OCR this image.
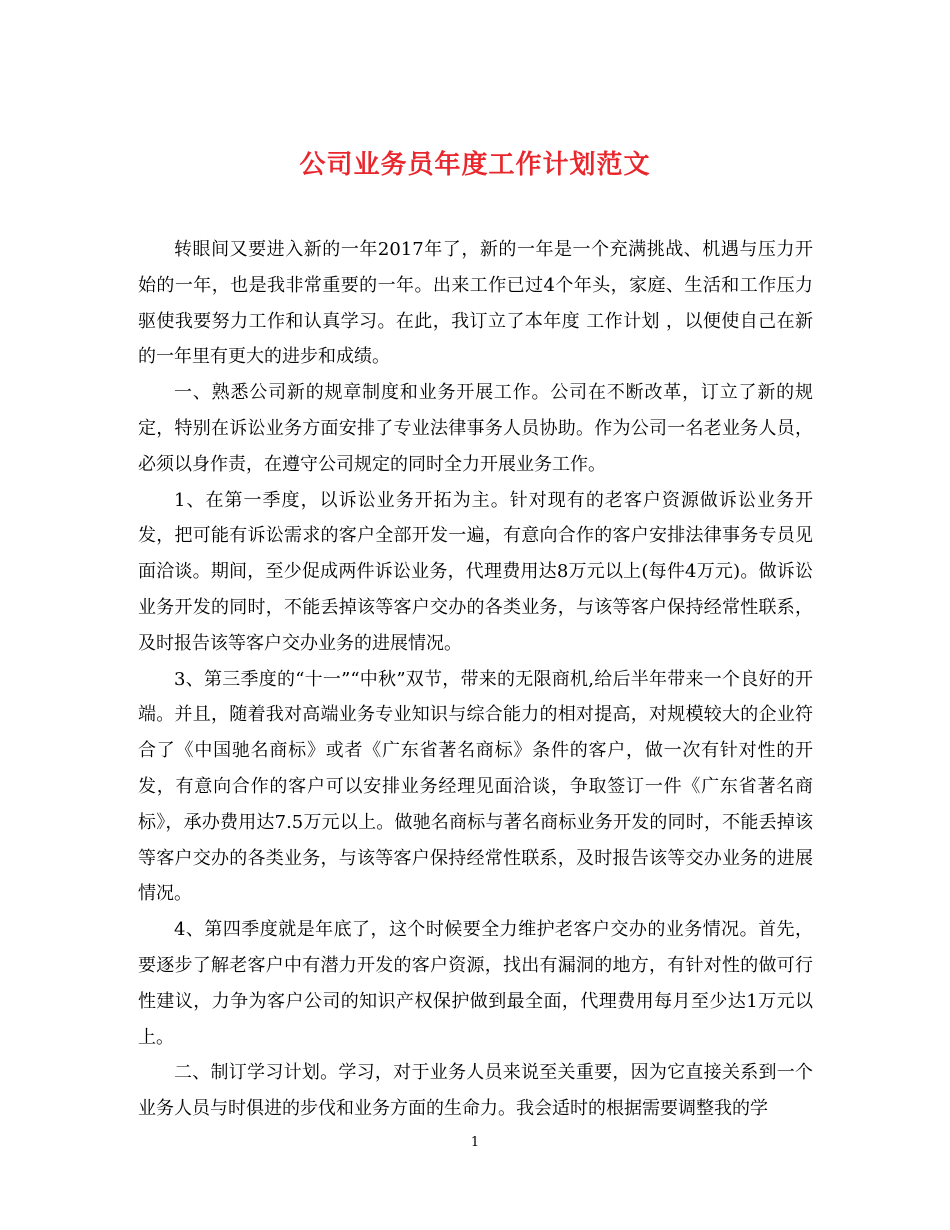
公司业务员年度工作计划范文

转眼间又要进入新的一年2017年了，新的一年是一个充满挑战、机遇与压力开始的一年，也是我非常重要的一年。出来工作已过4个年头，家庭、生活和工作压力驱使我要努力工作和认真学习。在此，我订立了本年度 工作计划 ，以便使自己在新的一年里有更大的进步和成绩。

一、熟悉公司新的规章制度和业务开展工作。公司在不断改革，订立了新的规定，特别在诉讼业务方面安排了专业法律事务人员协助。作为公司一名老业务人员，必须以身作责，在遵守公司规定的同时全力开展业务工作。

1、在第一季度，以诉讼业务开拓为主。针对现有的老客户资源做诉讼业务开发，把可能有诉讼需求的客户全部开发一遍，有意向合作的客户安排法律事务专员见面洽谈。期间，至少促成两件诉讼业务，代理费用达8万元以上(每件4万元)。做诉讼业务开发的同时，不能丢掉该等客户交办的各类业务，与该等客户保持经常性联系，及时报告该等客户交办业务的进展情况。

3、第三季度的“十一”“中秋”双节，带来的无限商机,给后半年带来一个良好的开端。并且，随着我对高端业务专业知识与综合能力的相对提高，对规模较大的企业符合了《中国驰名商标》或者《广东省著名商标》条件的客户，做一次有针对性的开发，有意向合作的客户可以安排业务经理见面洽谈，争取签订一件《广东省著名商标》，承办费用达7.5万元以上。做驰名商标与著名商标业务开发的同时，不能丢掉该等客户交办的各类业务，与该等客户保持经常性联系，及时报告该等交办业务的进展情况。

4、第四季度就是年底了，这个时候要全力维护老客户交办的业务情况。首先，要逐步了解老客户中有潜力开发的客户资源，找出有漏洞的地方，有针对性的做可行性建议，力争为客户公司的知识产权保护做到最全面，代理费用每月至少达1万元以上。

二、制订学习计划。学习，对于业务人员来说至关重要，因为它直接关系到一个业务人员与时俱进的步伐和业务方面的生命力。我会适时的根据需要调整我的学

1
